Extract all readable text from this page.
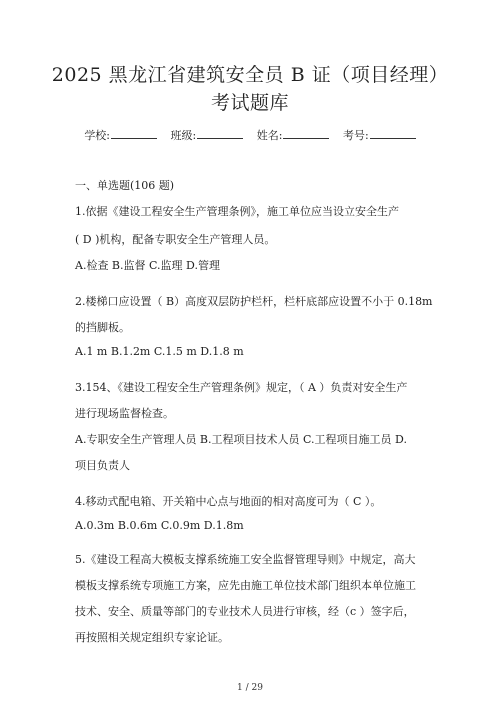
2025 黑龙江省建筑安全员 B 证（项目经理）
考试题库
学校:	班级:	姓名:	考号:
一、单选题(106 题)
1.依据《建设工程安全生产管理条例》，施工单位应当设立安全生产
( D )机构，配备专职安全生产管理人员。
A.检查 B.监督 C.监理 D.管理
2.楼梯口应设置（ B）高度双层防护栏杆，栏杆底部应设置不小于 0.18m
的挡脚板。
A.1 m B.1.2m C.1.5 m D.1.8 m
3.154、《建设工程安全生产管理条例》规定，（ A ）负责对安全生产
进行现场监督检查。
A.专职安全生产管理人员 B.工程项目技术人员 C.工程项目施工员 D.
项目负责人
4.移动式配电箱、开关箱中心点与地面的相对高度可为（ C ）。
A.0.3m B.0.6m C.0.9m D.1.8m
5.《建设工程高大模板支撑系统施工安全监督管理导则》中规定，高大
模板支撑系统专项施工方案，应先由施工单位技术部门组织本单位施工
技术、安全、质量等部门的专业技术人员进行审核，经（c ）签字后，
再按照相关规定组织专家论证。
1 / 29
